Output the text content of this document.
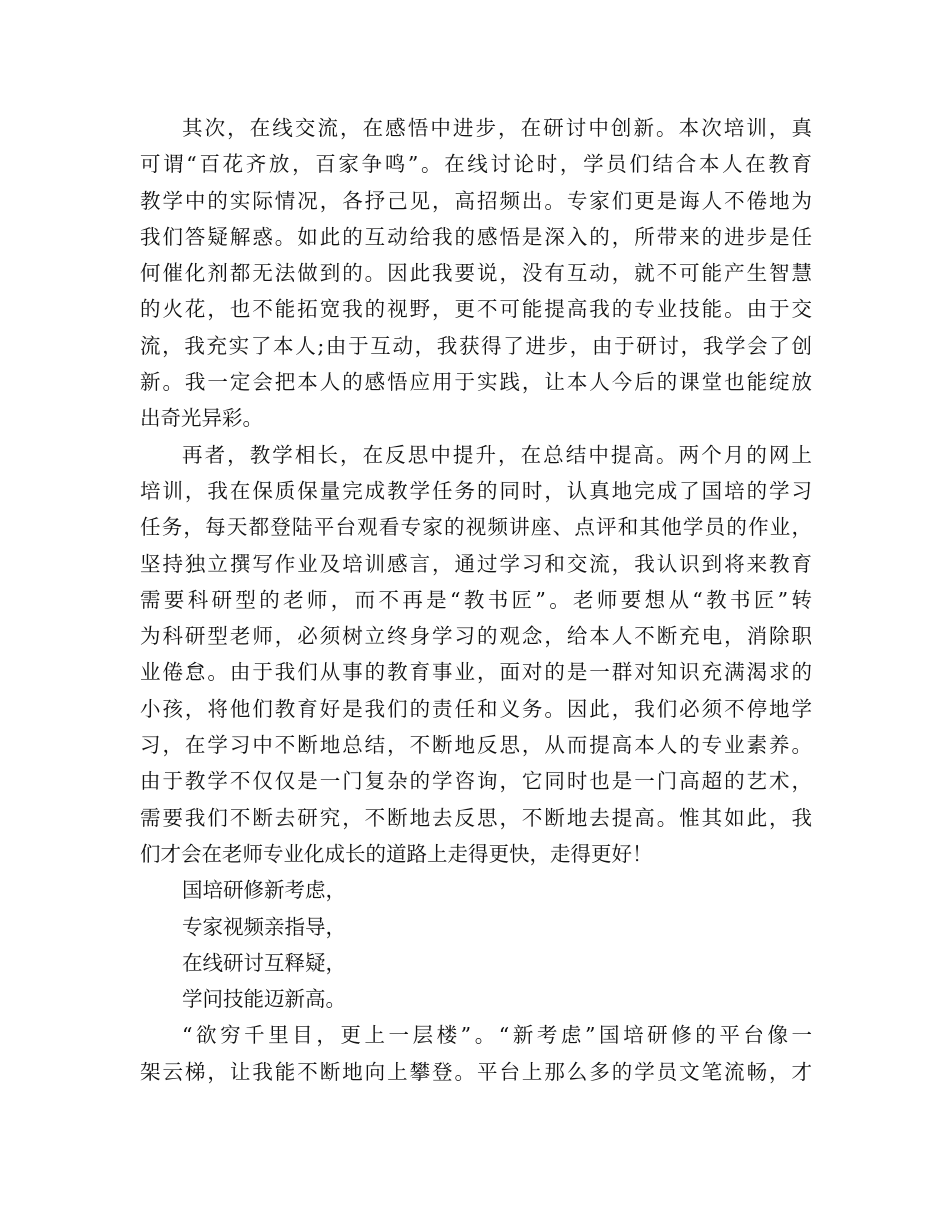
其次，在线交流，在感悟中进步，在研讨中创新。本次培训，真
可谓“百花齐放，百家争鸣”。在线讨论时，学员们结合本人在教育
教学中的实际情况，各抒己见，高招频出。专家们更是诲人不倦地为
我们答疑解惑。如此的互动给我的感悟是深入的，所带来的进步是任
何催化剂都无法做到的。因此我要说，没有互动，就不可能产生智慧
的火花，也不能拓宽我的视野，更不可能提高我的专业技能。由于交
流，我充实了本人;由于互动，我获得了进步，由于研讨，我学会了创
新。我一定会把本人的感悟应用于实践，让本人今后的课堂也能绽放
出奇光异彩。
再者，教学相长，在反思中提升，在总结中提高。两个月的网上
培训，我在保质保量完成教学任务的同时，认真地完成了国培的学习
任务，每天都登陆平台观看专家的视频讲座、点评和其他学员的作业，
坚持独立撰写作业及培训感言，通过学习和交流，我认识到将来教育
需要科研型的老师，而不再是“教书匠”。老师要想从“教书匠”转
为科研型老师，必须树立终身学习的观念，给本人不断充电，消除职
业倦怠。由于我们从事的教育事业，面对的是一群对知识充满渴求的
小孩，将他们教育好是我们的责任和义务。因此，我们必须不停地学
习，在学习中不断地总结，不断地反思，从而提高本人的专业素养。
由于教学不仅仅是一门复杂的学咨询，它同时也是一门高超的艺术，
需要我们不断去研究，不断地去反思，不断地去提高。惟其如此，我
们才会在老师专业化成长的道路上走得更快，走得更好！
国培研修新考虑，
专家视频亲指导，
在线研讨互释疑，
学问技能迈新高。
“欲穷千里目，更上一层楼”。“新考虑”国培研修的平台像一
架云梯，让我能不断地向上攀登。平台上那么多的学员文笔流畅，才
